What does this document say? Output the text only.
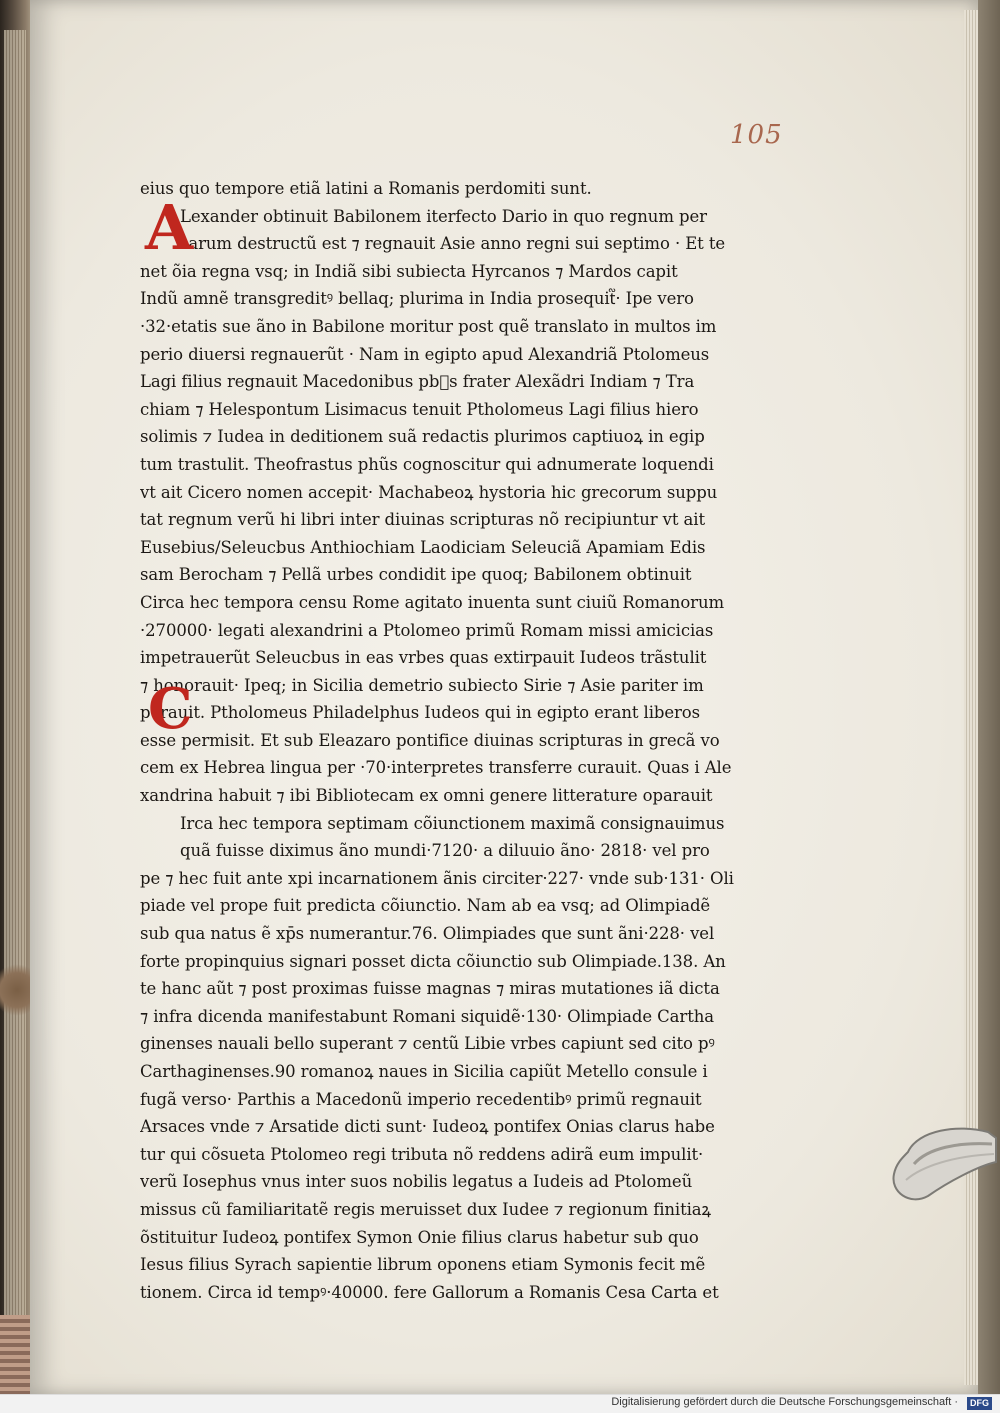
105
A
C
eius quo tempore etiã latini a Romanis perdomiti sunt.
Lexander obtinuit Babilonem iterfecto Dario in quo regnum per
sarum destructũ est ⁊ regnauit Asie anno regni sui septimo · Et te
net õia regna vsq; in Indiã sibi subiecta Hyrcanos ⁊ Mardos capit
Indũ amnẽ transgreditꝰ bellaq; plurima in India prosequit᷑· Ipe vero
·32·etatis sue ãno in Babilone moritur post quẽ translato in multos im
perio diuersi regnauerũt · Nam in egipto apud Alexandriã Ptolomeus
Lagi filius regnauit Macedonibus pbᷓs frater Alexãdri Indiam ⁊ Tra
chiam ⁊ Helespontum Lisimacus tenuit Ptholomeus Lagi filius hiero
solimis ⁊ Iudea in deditionem suã redactis plurimos captiuoꝝ in egip
tum trastulit. Theofrastus phũs cognoscitur qui adnumerate loquendi
vt ait Cicero nomen accepit· Machabeoꝝ hystoria hic grecorum suppu
tat regnum verũ hi libri inter diuinas scripturas nõ recipiuntur vt ait
Eusebius/Seleucbus Anthiochiam Laodiciam Seleuciã Apamiam Edis
sam Berocham ⁊ Pellã urbes condidit ipe quoq; Babilonem obtinuit
Circa hec tempora censu Rome agitato inuenta sunt ciuiũ Romanorum
·270000· legati alexandrini a Ptolomeo primũ Romam missi amicicias
impetrauerũt Seleucbus in eas vrbes quas extirpauit Iudeos trãstulit
⁊ honorauit· Ipeq; in Sicilia demetrio subiecto Sirie ⁊ Asie pariter im
perauit. Ptholomeus Philadelphus Iudeos qui in egipto erant liberos
esse permisit. Et sub Eleazaro pontifice diuinas scripturas in grecã vo
cem ex Hebrea lingua per ·70·interpretes transferre curauit. Quas i Ale
xandrina habuit ⁊ ibi Bibliotecam ex omni genere litterature oparauit
Irca hec tempora septimam cõiunctionem maximã consignauimus
quã fuisse diximus ãno mundi·7120· a diluuio ãno· 2818· vel pro
pe ⁊ hec fuit ante xpi incarnationem ãnis circiter·227· vnde sub·131· Oli
piade vel prope fuit predicta cõiunctio. Nam ab ea vsq; ad Olimpiadẽ
sub qua natus ẽ xp̄s numerantur.76. Olimpiades que sunt ãni·228· vel
forte propinquius signari posset dicta cõiunctio sub Olimpiade.138. An
te hanc aũt ⁊ post proximas fuisse magnas ⁊ miras mutationes iã dicta
⁊ infra dicenda manifestabunt Romani siquidẽ·130· Olimpiade Cartha
ginenses nauali bello superant ⁊ centũ Libie vrbes capiunt sed cito pꝰ
Carthaginenses.90 romanoꝝ naues in Sicilia capiũt Metello consule i
fugã verso· Parthis a Macedonũ imperio recedentibꝰ primũ regnauit
Arsaces vnde ⁊ Arsatide dicti sunt· Iudeoꝝ pontifex Onias clarus habe
tur qui cõsueta Ptolomeo regi tributa nõ reddens adirã eum impulit·
verũ Iosephus vnus inter suos nobilis legatus a Iudeis ad Ptolomeũ
missus cũ familiaritatẽ regis meruisset dux Iudee ⁊ regionum finitiaꝝ
õstituitur Iudeoꝝ pontifex Symon Onie filius clarus habetur sub quo
Iesus filius Syrach sapientie librum oponens etiam Symonis fecit mẽ
tionem. Circa id tempꝰ·40000. fere Gallorum a Romanis Cesa Carta et
Digitalisierung gefördert durch die Deutsche Forschungsgemeinschaft ·	DFG
